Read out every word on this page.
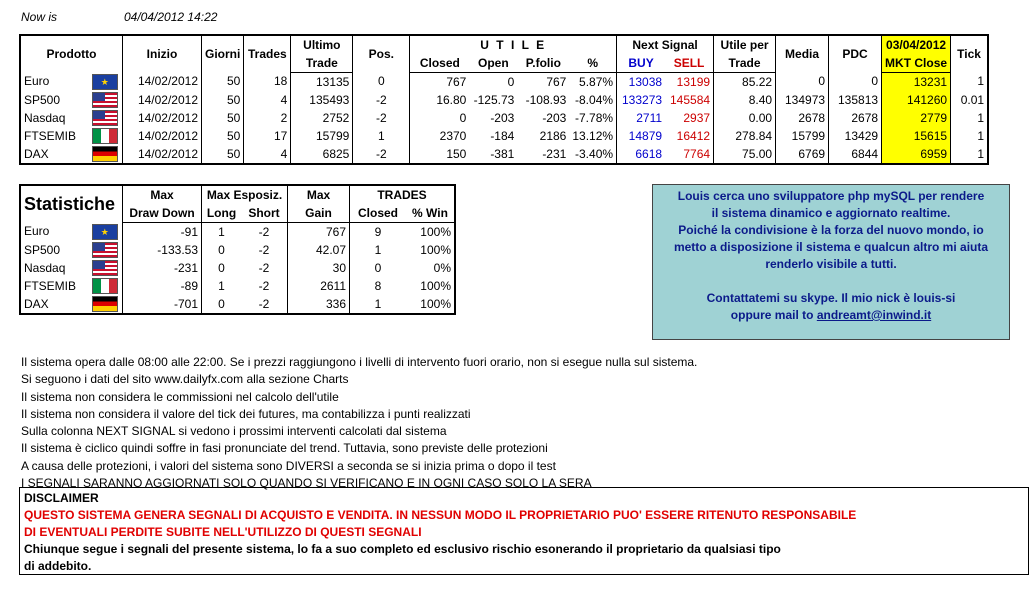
Now is	04/04/2012 14:22
Prodotto		Inizio	Giorni	Trades	Ultimo	Pos.	U T I L E				Next Signal		Utile per	Media	PDC	03/04/2012	Tick
					Trade		Closed	Open	P.folio	%	BUY	SELL	Trade			MKT Close	
Euro	★	14/02/2012	50	18	13135	0	767	0	767	5.87%	13038	13199	85.22	0	0	13231	1
SP500		14/02/2012	50	4	135493	-2	16.80	-125.73	-108.93	-8.04%	133273	145584	8.40	134973	135813	141260	0.01
Nasdaq		14/02/2012	50	2	2752	-2	0	-203	-203	-7.78%	2711	2937	0.00	2678	2678	2779	1
FTSEMIB		14/02/2012	50	17	15799	1	2370	-184	2186	13.12%	14879	16412	278.84	15799	13429	15615	1
DAX		14/02/2012	50	4	6825	-2	150	-381	-231	-3.40%	6618	7764	75.00	6769	6844	6959	1
Statistiche		Max	Max Esposiz.		Max	TRADES	
		Draw Down	Long	Short	Gain	Closed	% Win
Euro	★	-91	1	-2	767	9	100%
SP500		-133.53	0	-2	42.07	1	100%
Nasdaq		-231	0	-2	30	0	0%
FTSEMIB		-89	1	-2	2611	8	100%
DAX		-701	0	-2	336	1	100%

Louis cerca uno sviluppatore php mySQL per rendere

il sistema dinamico e aggiornato realtime.

Poiché la condivisione è la forza del nuovo mondo, io

metto a disposizione il sistema e qualcun altro mi aiuta

renderlo visibile a tutti.

Contattatemi su skype. Il mio nick è louis-si

oppure mail to andreamt@inwind.it

Il sistema opera dalle 08:00 alle 22:00. Se i prezzi raggiungono i livelli di intervento fuori orario, non si esegue nulla sul sistema.
Si seguono i dati del sito www.dailyfx.com alla sezione Charts
Il sistema non considera le commissioni nel calcolo dell'utile
Il sistema non considera il valore del tick dei futures, ma contabilizza i punti realizzati
Sulla colonna NEXT SIGNAL si vedono i prossimi interventi calcolati dal sistema
Il sistema è ciclico quindi soffre in fasi pronunciate del trend. Tuttavia, sono previste delle protezioni
A causa delle protezioni, i valori del sistema sono DIVERSI a seconda se si inizia prima o dopo il test
I SEGNALI SARANNO AGGIORNATI SOLO QUANDO SI VERIFICANO E IN OGNI CASO SOLO LA SERA
DISCLAIMER
QUESTO SISTEMA GENERA SEGNALI DI ACQUISTO E VENDITA. IN NESSUN MODO IL PROPRIETARIO PUO' ESSERE RITENUTO RESPONSABILE
DI EVENTUALI PERDITE SUBITE NELL'UTILIZZO DI QUESTI SEGNALI
Chiunque segue i segnali del presente sistema, lo fa a suo completo ed esclusivo rischio esonerando il proprietario da qualsiasi tipo
di addebito.
